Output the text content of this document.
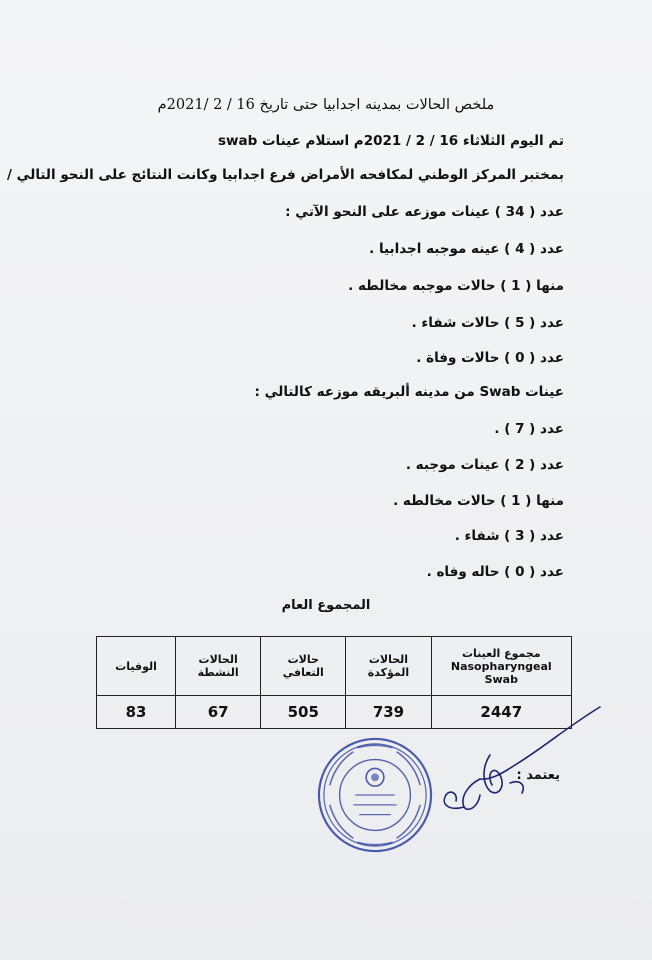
ملخص الحالات بمدينه اجدابيا حتى تاريخ 16 / 2 /2021م
تم اليوم الثلاثاء 16 / 2 / 2021م استلام عينات swab
بمختبر المركز الوطني لمكافحه الأمراض فرع اجدابيا وكانت النتائج على النحو التالي /
عدد ( 34 ) عينات موزعه على النحو الآتي :
عدد ( 4 ) عينه موجبه اجدابيا .
منها ( 1 ) حالات موجبه مخالطه .
عدد ( 5 ) حالات شفاء .
عدد ( 0 ) حالات وفاة .
عينات Swab من مدينه ألبريقه موزعه كالتالي :
عدد ( 7 ) .
عدد ( 2 ) عينات موجبه .
منها ( 1 ) حالات مخالطه .
عدد ( 3 ) شفاء .
عدد ( 0 ) حاله وفاه .
المجموع العام
مجموع العينات
Nasopharyngeal
Swab	الحالات المؤكدة	حالات التعافي	الحالات النشطة	الوفيات
2447	739	505	67	83
يعتمد :
